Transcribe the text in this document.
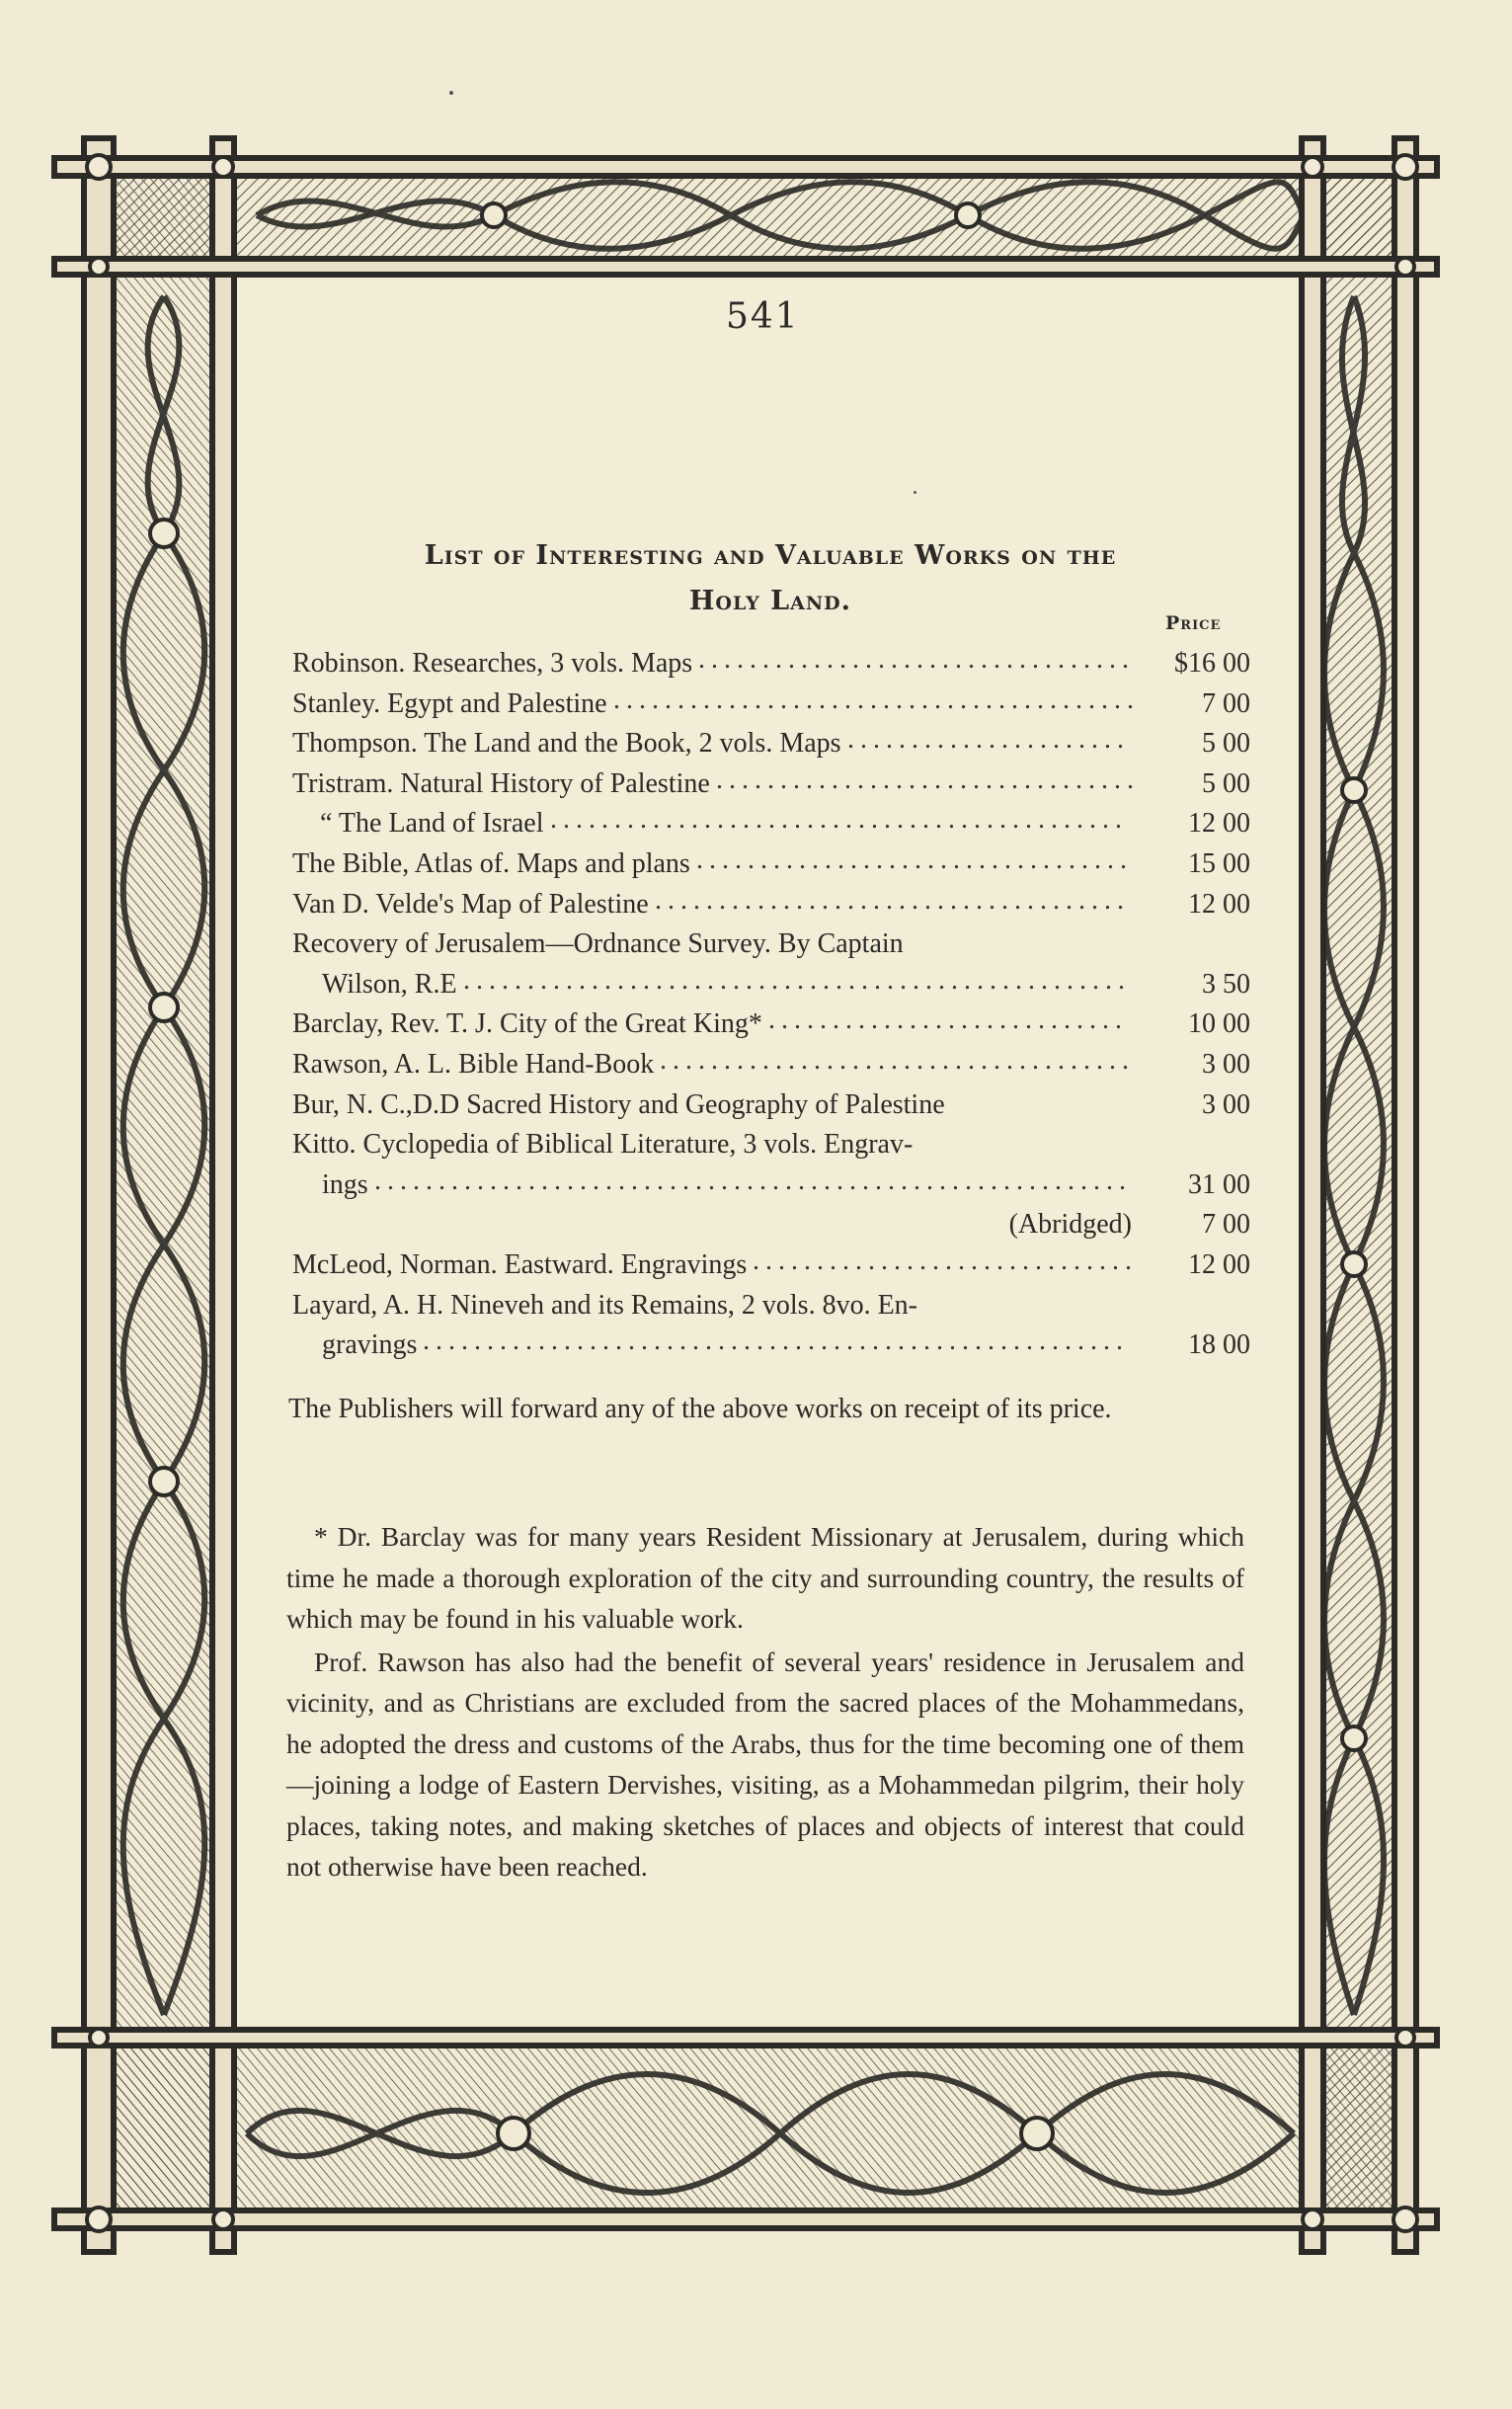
541
List of Interesting and Valuable Works on the
Holy Land.
Price
Robinson. Researches, 3 vols. Maps	$16 00
..................................
Stanley. Egypt and Palestine	7 00
.........................................
Thompson. The Land and the Book, 2 vols. Maps	5 00
......................
Tristram. Natural History of Palestine	5 00
.................................
“ The Land of Israel	12 00
.............................................
The Bible, Atlas of. Maps and plans	15 00
..................................
Van D. Velde's Map of Palestine	12 00
.....................................
Recovery of Jerusalem—Ordnance Survey. By Captain
Wilson, R.E	3 50
....................................................
Barclay, Rev. T. J. City of the Great King*	10 00
............................
Rawson, A. L. Bible Hand-Book	3 00
.....................................
Bur, N. C.,D.D Sacred History and Geography of Palestine	3 00
Kitto. Cyclopedia of Biblical Literature, 3 vols. Engrav-
ings	31 00
...........................................................
(Abridged)	7 00
McLeod, Norman. Eastward. Engravings	12 00
..............................
Layard, A. H. Nineveh and its Remains, 2 vols. 8vo. En-
gravings	18 00
.......................................................
The Publishers will forward any of the above works on receipt of its price.

* Dr. Barclay was for many years Resident Missionary at Jerusalem, during which time he made a thorough exploration of the city and surrounding country, the results of which may be found in his valuable work.

Prof. Rawson has also had the benefit of several years' residence in Jerusalem and vicinity, and as Christians are excluded from the sacred places of the Mohammedans, he adopted the dress and customs of the Arabs, thus for the time becoming one of them—joining a lodge of Eastern Dervishes, visiting, as a Mohammedan pilgrim, their holy places, taking notes, and making sketches of places and objects of interest that could not otherwise have been reached.
